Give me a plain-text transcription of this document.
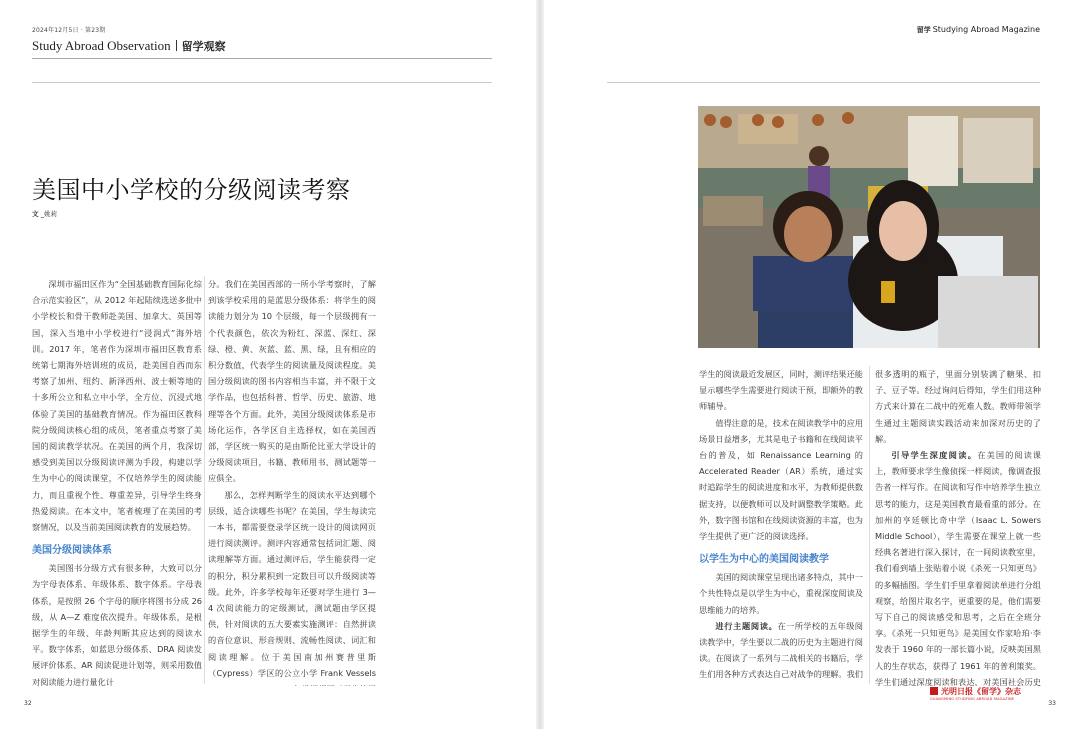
2024年12月5日 · 第23期
Study Abroad Observation 留学观察
留学 Studying Abroad Magazine
美国中小学校的分级阅读考察
文 _姚莉

深圳市福田区作为“全国基础教育国际化综合示范实验区”，从 2012 年起陆续选送多批中小学校长和骨干教师赴美国、加拿大、英国等国，深入当地中小学校进行“浸润式”海外培训。2017 年，笔者作为深圳市福田区教育系统第七期海外培训班的成员，赴美国自西而东考察了加州、纽约、新泽西州、波士顿等地的十多所公立和私立中小学，全方位、沉浸式地体验了美国的基础教育情况。作为福田区教科院分级阅读核心组的成员，笔者重点考察了美国的阅读教学状况。在美国的两个月，我深切感受到美国以分级阅读评测为手段，构建以学生为中心的阅读课堂，不仅培养学生的阅读能力，而且重视个性、尊重差异，引导学生终身热爱阅读。在本文中，笔者梳理了在美国的考察情况，以及当前美国阅读教育的发展趋势。

美国分级阅读体系

美国图书分级方式有很多种，大致可以分为字母表体系、年级体系、数字体系。字母表体系，是按照 26 个字母的顺序将图书分成 26 级，从 A—Z 难度依次提升。年级体系，是根据学生的年级、年龄判断其应达到的阅读水平。数字体系，如蓝思分级体系、DRA 阅读发展评价体系、AR 阅读促进计划等，则采用数值对阅读能力进行量化计

分。我们在美国西部的一所小学考察时，了解到该学校采用的是蓝思分级体系：将学生的阅读能力划分为 10 个层级，每一个层级拥有一个代表颜色，依次为粉红、深蓝、深红、深绿、橙、黄、灰蓝、蓝、黑、绿，且有相应的积分数值，代表学生的阅读量及阅读程度。美国分级阅读的图书内容相当丰富，并不限于文学作品，也包括科普、哲学、历史、旅游、地理等各个方面。此外，美国分级阅读体系是市场化运作，各学区自主选择权，如在美国西部，学区统一购买的是由斯伦比亚大学设计的分级阅读项目，书籍、教师用书、测试题等一应俱全。

那么，怎样判断学生的阅读水平达到哪个层级，适合读哪些书呢？在美国，学生每读完一本书，都需要登录学区统一设计的阅读网页进行阅读测评。测评内容通常包括词汇题、阅读理解等方面。通过测评后，学生能获得一定的积分，积分累积到一定数目可以升级阅读等级。此外，许多学校每年还要对学生进行 3—4 次阅读能力的定级测试，测试题由学区提供，针对阅读的五大要素实施测评：自然拼读的音位意识、形音规则、流畅性阅读、词汇和阅读理解。位于美国南加州赛普里斯（Cypress）学区的公立小学 Frank Vessels

学生的阅读最近发展区，同时，测评结果还能显示哪些学生需要进行阅读干预，即额外的教师辅导。

值得注意的是，技术在阅读教学中的应用场景日益增多，尤其是电子书籍和在线阅读平台的普及，如 Renaissance Learning 的 Accelerated Reader（AR）系统，通过实时追踪学生的阅读进度和水平，为教师提供数据支持，以便教师可以及时调整教学策略。此外，数字图书馆和在线阅读资源的丰富，也为学生提供了更广泛的阅读选择。

以学生为中心的美国阅读教学

美国的阅读课堂呈现出诸多特点，其中一个共性特点是以学生为中心，重视深度阅读及思维能力的培养。

进行主题阅读。在一所学校的五年级阅读教学中，学生要以二战的历史为主题进行阅读。在阅读了一系列与二战相关的书籍后，学生们用各种方式表达自己对战争的理解。我们

很多透明的瓶子，里面分别装满了糖果、扣子、豆子等。经过询问后得知，学生们用这种方式来计算在二战中的死难人数。教师带领学生通过主题阅读实践活动来加深对历史的了解。

引导学生深度阅读。在美国的阅读课上，教师要求学生像侦探一样阅读，像调查报告者一样写作。在阅读和写作中培养学生独立思考的能力，这是美国教育最看重的部分。在加州的亨廷顿比奇中学（Isaac L. Sowers Middle School），学生需要在课堂上就一些经典名著进行深入探讨，在一间阅读教室里，我们看到墙上张贴着小说《杀死一只知更鸟》的多幅插图。学生们手里拿着阅读单进行分组观察，给图片取名字，更重要的是，他们需要写下自己的阅读感受和思考，之后在全班分享。《杀死一只知更鸟》是美国女作家哈珀·李发表于 1960 年的一部长篇小说，反映美国黑人的生存状态，获得了 1961 年的普利策奖。学生们通过深度阅读和表达，对美国社会历史

32	33
光明日报《留学》杂志
GUANGMING STUDYING ABROAD MAGAZINE
